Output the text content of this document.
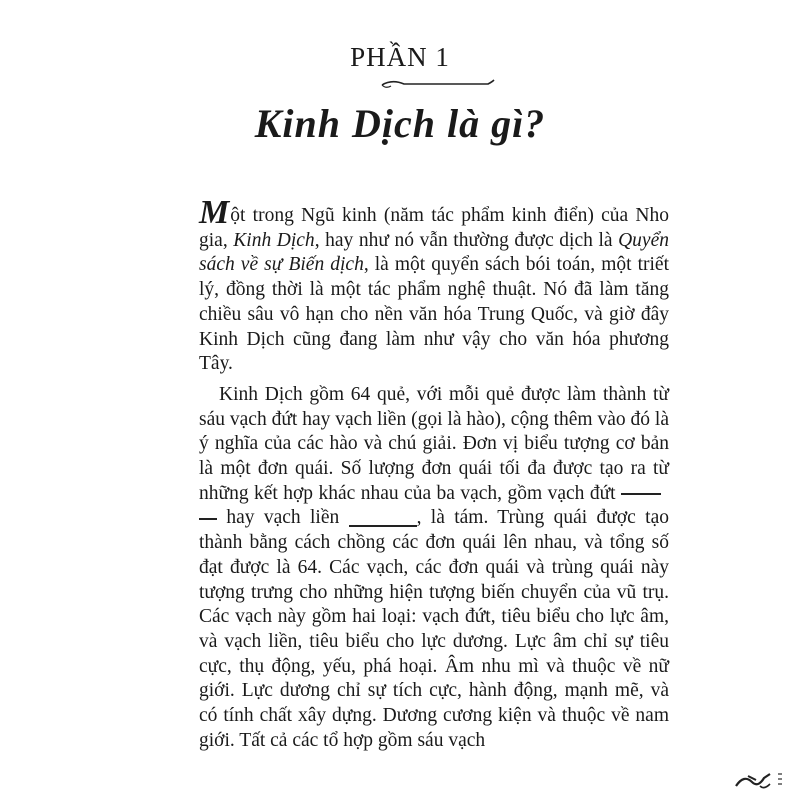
PHẦN 1
Kinh Dịch là gì?

Một trong Ngũ kinh (năm tác phẩm kinh điển) của Nho gia, Kinh Dịch, hay như nó vẫn thường được dịch là Quyển sách về sự Biến dịch, là một quyển sách bói toán, một triết lý, đồng thời là một tác phẩm nghệ thuật. Nó đã làm tăng chiều sâu vô hạn cho nền văn hóa Trung Quốc, và giờ đây Kinh Dịch cũng đang làm như vậy cho văn hóa phương Tây.

Kinh Dịch gồm 64 quẻ, với mỗi quẻ được làm thành từ sáu vạch đứt hay vạch liền (gọi là hào), cộng thêm vào đó là ý nghĩa của các hào và chú giải. Đơn vị biểu tượng cơ bản là một đơn quái. Số lượng đơn quái tối đa được tạo ra từ những kết hợp khác nhau của ba vạch, gồm vạch đứt  hay vạch liền	, là tám. Trùng quái được tạo thành bằng cách chồng các đơn quái lên nhau, và tổng số đạt được là 64. Các vạch, các đơn quái và trùng quái này tượng trưng cho những hiện tượng biến chuyển của vũ trụ. Các vạch này gồm hai loại: vạch đứt, tiêu biểu cho lực âm, và vạch liền, tiêu biểu cho lực dương. Lực âm chỉ sự tiêu cực, thụ động, yếu, phá hoại. Âm nhu mì và thuộc về nữ giới. Lực dương chỉ sự tích cực, hành động, mạnh mẽ, và có tính chất xây dựng. Dương cương kiện và thuộc về nam giới. Tất cả các tổ hợp gồm sáu vạch
